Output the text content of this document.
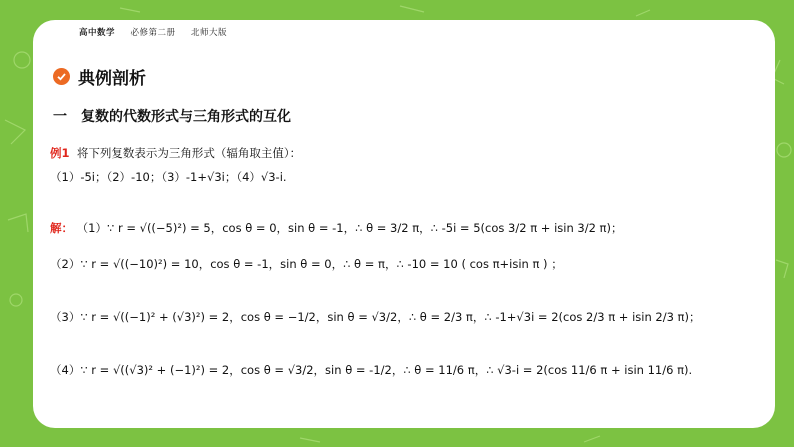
高中数学 必修第二册 北师大版
典例剖析
一　复数的代数形式与三角形式的互化
例1 将下列复数表示为三角形式（辐角取主值）：
（1）-5i；（2）-10；（3）-1+√3i；（4）√3-i.
解： （1）∵ r = √((−5)²) = 5，cos θ = 0，sin θ = -1，∴ θ = 3/2 π，∴ -5i = 5(cos 3/2 π + isin 3/2 π)；
（2）∵ r = √((−10)²) = 10，cos θ = -1，sin θ = 0，∴ θ = π，∴ -10 = 10 ( cos π+isin π ) ；
（3）∵ r = √((−1)² + (√3)²) = 2，cos θ = −1/2，sin θ = √3/2，∴ θ = 2/3 π，∴ -1+√3i = 2(cos 2/3 π + isin 2/3 π)；
（4）∵ r = √((√3)² + (−1)²) = 2，cos θ = √3/2，sin θ = -1/2，∴ θ = 11/6 π，∴ √3-i = 2(cos 11/6 π + isin 11/6 π).
